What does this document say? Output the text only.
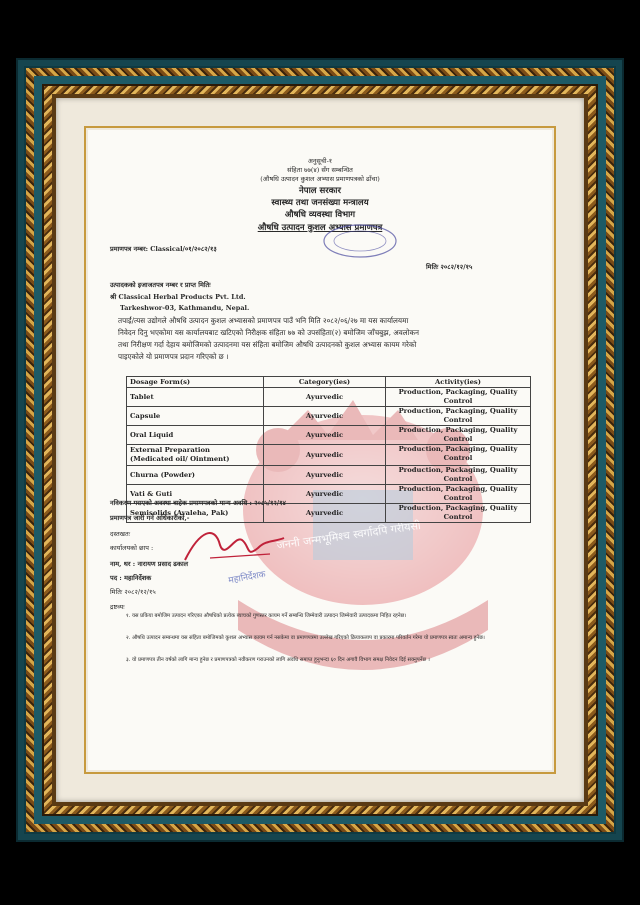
जननी जन्मभूमिश्च स्वर्गादपि गरीयसी
अनुसूची-१
संहिता ७७(४) सँग सम्बन्धित
(औषधि उत्पादन कुशल अभ्यास प्रमाणपत्रको ढाँचा)
नेपाल सरकार
स्वास्थ्य तथा जनसंख्या मन्त्रालय
औषधि व्यवस्था विभाग
औषधि उत्पादन कुशल अभ्यास प्रमाणपत्र
प्रमाणपत्र नम्बर: Classical/०१/२०८२/१३
मितिः २०८२/१२/१५
उत्पादकको इजाजतपत्र नम्बर र प्राप्त मितिः
श्री Classical Herbal Products Pvt. Ltd.
Tarkeshwor-03, Kathmandu, Nepal.
तपाईं/त्यस उद्योगले औषधि उत्पादन कुशल अभ्यासको प्रमाणपत्र पाउँ भनि मिति २०८२/०६/२७ मा यस कार्यालयमा
निवेदन दिनु भएकोमा यस कार्यालयबाट खटिएको निरीक्षक संहिता ७७ को उपसंहिता(२) बमोजिम जाँचबुझ, अवलोकन
तथा निरीक्षण गर्दा देहाय बमोजिमको उत्पादनमा यस संहिता बमोजिम औषधि उत्पादनको कुशल अभ्यास कायम गरेको
पाइएकोले यो प्रमाणपत्र प्रदान गरिएको छ ।
Dosage Form(s)	Category(ies)	Activity(ies)
Tablet	Ayurvedic	Production, Packaging, Quality Control
Capsule	Ayurvedic	Production, Packaging, Quality Control
Oral Liquid	Ayurvedic	Production, Packaging, Quality Control

External Preparation
(Medicated oil/ Ointment)	Ayurvedic	Production, Packaging, Quality Control
Churna (Powder)	Ayurvedic	Production, Packaging, Quality Control
Vati & Guti	Ayurvedic	Production, Packaging, Quality Control
Semisolids (Avaleha, Pak)	Ayurvedic	Production, Packaging, Quality Control
नविकरण गराएको अवस्था बाहेक प्रमाणपत्रको मान्य अवधि : २०८५/१२/१४
प्रमाणपत्र जारी गर्ने अधिकारीको,-
दस्तखतः
कार्यालयको छाप :
नाम, थर : नारायण प्रसाद ढकाल
पद : महानिर्देशक
मितिः २०८२/१२/१५
महानिर्देशक
द्रष्टव्यः
१. यस प्रकिया बमोजिम उत्पादन गरिएका औषधिको प्रत्येक ब्याचको गुणस्तर कायम गर्ने सम्बन्धि जिम्मेवारी उत्पादन जिम्मेवारी उत्पादकमा निहित रहनेछ।
२. औषधि उत्पादन सम्बन्धमा यस संहिता बमोजिमको कुशल अभ्यास कायम गर्न नसकेमा वा प्रमाणपत्रमा उल्लेख गरिएको क्रियाकलाप वा प्रकारमा परिवर्तन गरेमा यो प्रमाणपत्र स्वतः अमान्य हुनेछ।
३. यो प्रमाणपत्र तीन वर्षको लागि मान्य हुनेछ र प्रमाणपत्रको नवीकरण गराउनको लागि अवधि समाप्त हुनुभन्दा ६० दिन अगावै विभाग समक्ष निवेदन दिई सक्नुपर्नेछ ।
